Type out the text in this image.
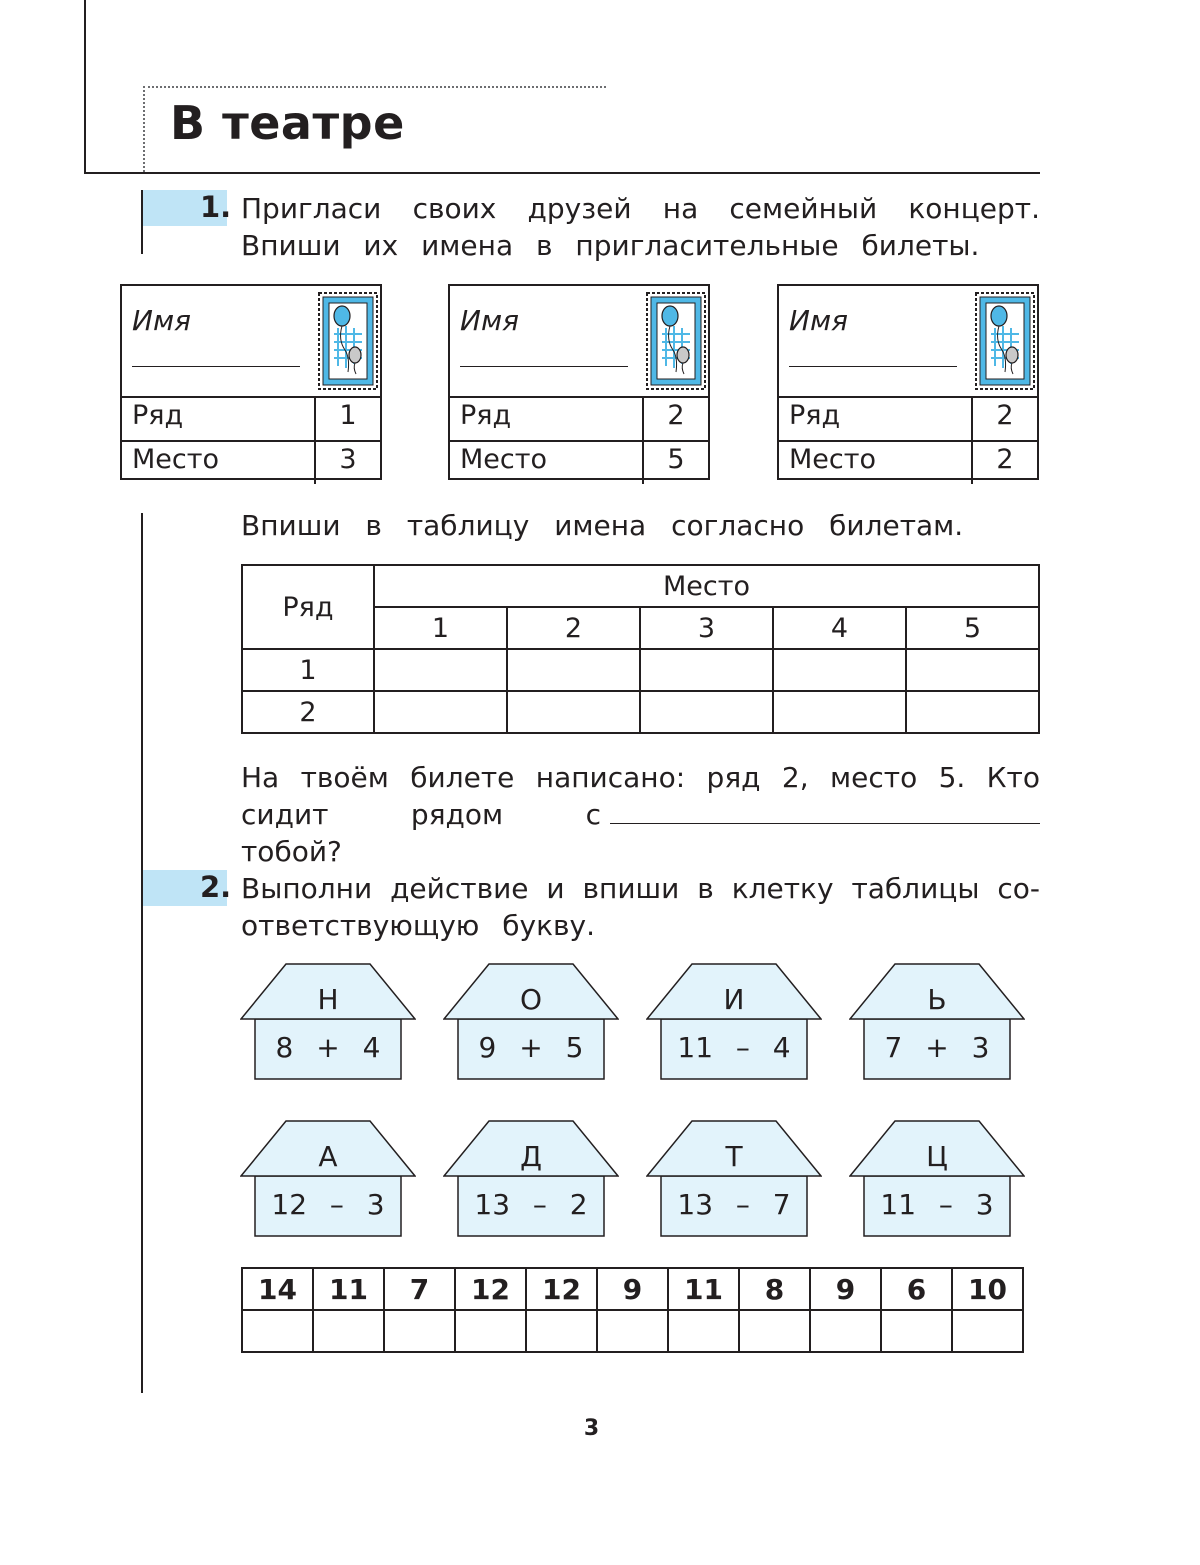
В театре
1. Пригласи своих друзей на семейный концерт.
Впиши их имена в пригласительные билеты.
Имя
Ряд	1
Место	3
Имя
Ряд	2
Место	5
Имя
Ряд	2
Место	2
Впиши в таблицу имена согласно билетам.
Ряд	Место				
	1	2	3	4	5
1					
2					
На твоём билете написано: ряд 2, место 5. Кто
сидит рядом с тобой?
2. Выполни действие и впиши в клетку таблицы со-
ответствующую букву.
Н
8 + 4
О
9 + 5
И
11 – 4
Ь
7 + 3
А
12 – 3
Д
13 – 2
Т
13 – 7
Ц
11 – 3
14	11	7	12	12	9	11	8	9	6	10

3
